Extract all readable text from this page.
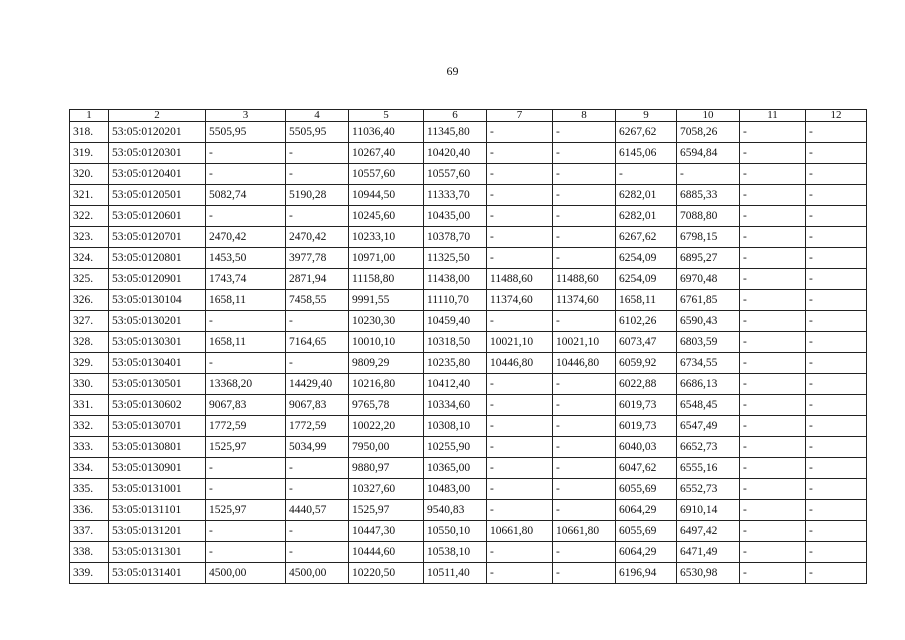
69
1	2	3	4	5	6	7	8	9	10	11	12
318.	53:05:0120201	5505,95	5505,95	11036,40	11345,80	-	-	6267,62	7058,26	-	-
319.	53:05:0120301	-	-	10267,40	10420,40	-	-	6145,06	6594,84	-	-
320.	53:05:0120401	-	-	10557,60	10557,60	-	-	-	-	-	-
321.	53:05:0120501	5082,74	5190,28	10944,50	11333,70	-	-	6282,01	6885,33	-	-
322.	53:05:0120601	-	-	10245,60	10435,00	-	-	6282,01	7088,80	-	-
323.	53:05:0120701	2470,42	2470,42	10233,10	10378,70	-	-	6267,62	6798,15	-	-
324.	53:05:0120801	1453,50	3977,78	10971,00	11325,50	-	-	6254,09	6895,27	-	-
325.	53:05:0120901	1743,74	2871,94	11158,80	11438,00	11488,60	11488,60	6254,09	6970,48	-	-
326.	53:05:0130104	1658,11	7458,55	9991,55	11110,70	11374,60	11374,60	1658,11	6761,85	-	-
327.	53:05:0130201	-	-	10230,30	10459,40	-	-	6102,26	6590,43	-	-
328.	53:05:0130301	1658,11	7164,65	10010,10	10318,50	10021,10	10021,10	6073,47	6803,59	-	-
329.	53:05:0130401	-	-	9809,29	10235,80	10446,80	10446,80	6059,92	6734,55	-	-
330.	53:05:0130501	13368,20	14429,40	10216,80	10412,40	-	-	6022,88	6686,13	-	-
331.	53:05:0130602	9067,83	9067,83	9765,78	10334,60	-	-	6019,73	6548,45	-	-
332.	53:05:0130701	1772,59	1772,59	10022,20	10308,10	-	-	6019,73	6547,49	-	-
333.	53:05:0130801	1525,97	5034,99	7950,00	10255,90	-	-	6040,03	6652,73	-	-
334.	53:05:0130901	-	-	9880,97	10365,00	-	-	6047,62	6555,16	-	-
335.	53:05:0131001	-	-	10327,60	10483,00	-	-	6055,69	6552,73	-	-
336.	53:05:0131101	1525,97	4440,57	1525,97	9540,83	-	-	6064,29	6910,14	-	-
337.	53:05:0131201	-	-	10447,30	10550,10	10661,80	10661,80	6055,69	6497,42	-	-
338.	53:05:0131301	-	-	10444,60	10538,10	-	-	6064,29	6471,49	-	-
339.	53:05:0131401	4500,00	4500,00	10220,50	10511,40	-	-	6196,94	6530,98	-	-
